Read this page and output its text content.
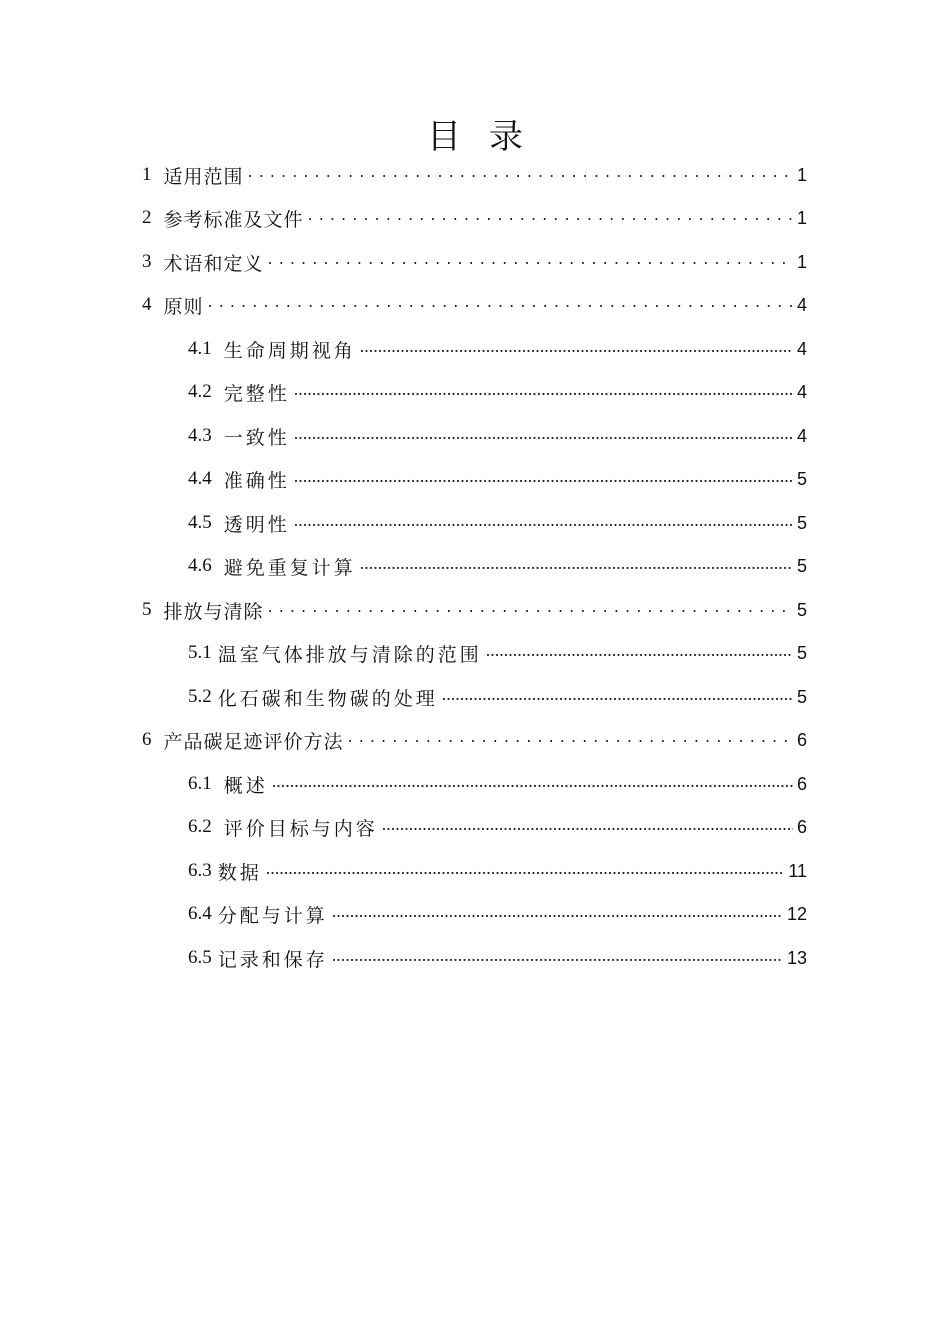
目 录
1 适用范围 . . .	1
2 参考标准及文件 . . .	1
3 术语和定义 . . .	1
4 原则 . . .	4
4.1 生命周期视角 .....	4
4.2 完整性 .....	4
4.3 一致性 .....	4
4.4 准确性 .....	5
4.5 透明性 .....	5
4.6 避免重复计算 .....	5
5 排放与清除 . . .	5
5.1 温室气体排放与清除的范围 .....	5
5.2 化石碳和生物碳的处理 .....	5
6 产品碳足迹评价方法 . . .	6
6.1 概述 .....	6
6.2 评价目标与内容 .....	6
6.3 数据 .....	11
6.4 分配与计算 .....	12
6.5 记录和保存 .....	13
